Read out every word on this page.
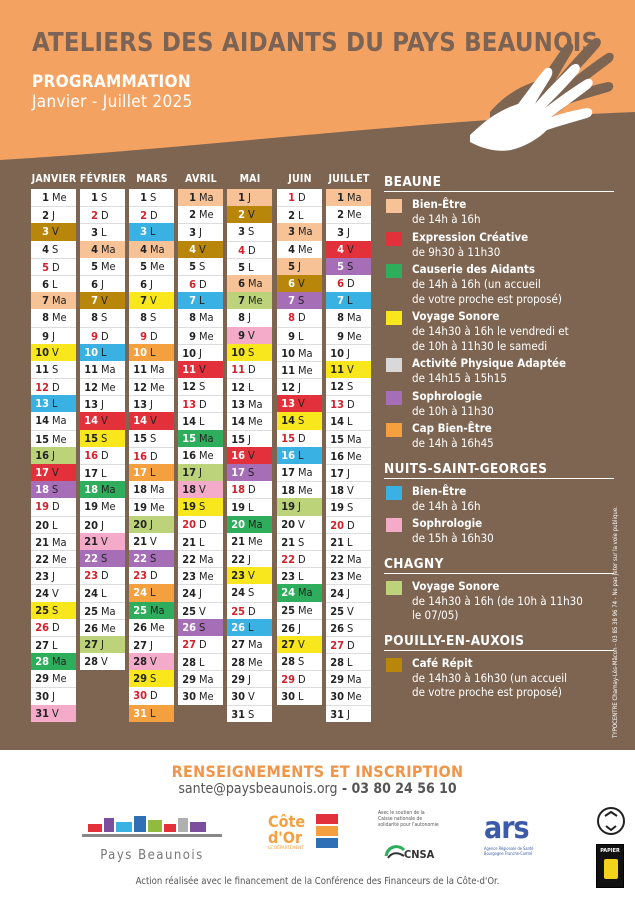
ATELIERS DES AIDANTS DU PAYS BEAUNOIS
PROGRAMMATION
Janvier - Juillet 2025
JANVIER
1 Me
2 J
3 V
4 S
5 D
6 L
7 Ma
8 Me
9 J
10 V
11 S
12 D
13 L
14 Ma
15 Me
16 J
17 V
18 S
19 D
20 L
21 Ma
22 Me
23 J
24 V
25 S
26 D
27 L
28 Ma
29 Me
30 J
31 V
FÉVRIER
1 S
2 D
3 L
4 Ma
5 Me
6 J
7 V
8 S
9 D
10 L
11 Ma
12 Me
13 J
14 V
15 S
16 D
17 L
18 Ma
19 Me
20 J
21 V
22 S
23 D
24 L
25 Ma
26 Me
27 J
28 V
MARS
1 S
2 D
3 L
4 Ma
5 Me
6 J
7 V
8 S
9 D
10 L
11 Ma
12 Me
13 J
14 V
15 S
16 D
17 L
18 Ma
19 Me
20 J
21 V
22 S
23 D
24 L
25 Ma
26 Me
27 J
28 V
29 S
30 D
31 L
AVRIL
1 Ma
2 Me
3 J
4 V
5 S
6 D
7 L
8 Ma
9 Me
10 J
11 V
12 S
13 D
14 L
15 Ma
16 Me
17 J
18 V
19 S
20 D
21 L
22 Ma
23 Me
24 J
25 V
26 S
27 D
28 L
29 Ma
30 Me
MAI
1 J
2 V
3 S
4 D
5 L
6 Ma
7 Me
8 J
9 V
10 S
11 D
12 L
13 Ma
14 Me
15 J
16 V
17 S
18 D
19 L
20 Ma
21 Me
22 J
23 V
24 S
25 D
26 L
27 Ma
28 Me
29 J
30 V
31 S
JUIN
1 D
2 L
3 Ma
4 Me
5 J
6 V
7 S
8 D
9 L
10 Ma
11 Me
12 J
13 V
14 S
15 D
16 L
17 Ma
18 Me
19 J
20 V
21 S
22 D
23 L
24 Ma
25 Me
26 J
27 V
28 S
29 D
30 L
JUILLET
1 Ma
2 Me
3 J
4 V
5 S
6 D
7 L
8 Ma
9 Me
10 J
11 V
12 S
13 D
14 L
15 Ma
16 Me
17 J
18 V
19 S
20 D
21 L
22 Ma
23 Me
24 J
25 V
26 S
27 D
28 L
29 Ma
30 Me
31 J
BEAUNE
Bien-Être
de 14h à 16h
Expression Créative
de 9h30 à 11h30
Causerie des Aidants
de 14h à 16h (un accueil
de votre proche est proposé)
Voyage Sonore
de 14h30 à 16h le vendredi et
de 10h à 11h30 le samedi
Activité Physique Adaptée
de 14h15 à 15h15
Sophrologie
de 10h à 11h30
Cap Bien-Être
de 14h à 16h45
NUITS-SAINT-GEORGES
Bien-Être
de 14h à 16h
Sophrologie
de 15h à 16h30
CHAGNY
Voyage Sonore
de 14h30 à 16h (de 10h à 11h30
le 07/05)
POUILLY-EN-AUXOIS
Café Répit
de 14h30 à 16h30 (un accueil
de votre proche est proposé)	TYPOCENTRE Charnay-Lès-Mâcon - 03 85 38 96 74 - Ne pas jeter sur la voie publique.
RENSEIGNEMENTS ET INSCRIPTION
sante@paysbeaunois.org - 03 80 24 56 10
Pays Beaunois
Côte
d'Or
LE DÉPARTEMENT
Avec le soutien de la Caisse nationale de solidarité pour l'autonomie
CNSA
ars
Agence Régionale de Santé Bourgogne Franche-Comté	PAPIER
Action réalisée avec le financement de la Conférence des Financeurs de la Côte-d'Or.
